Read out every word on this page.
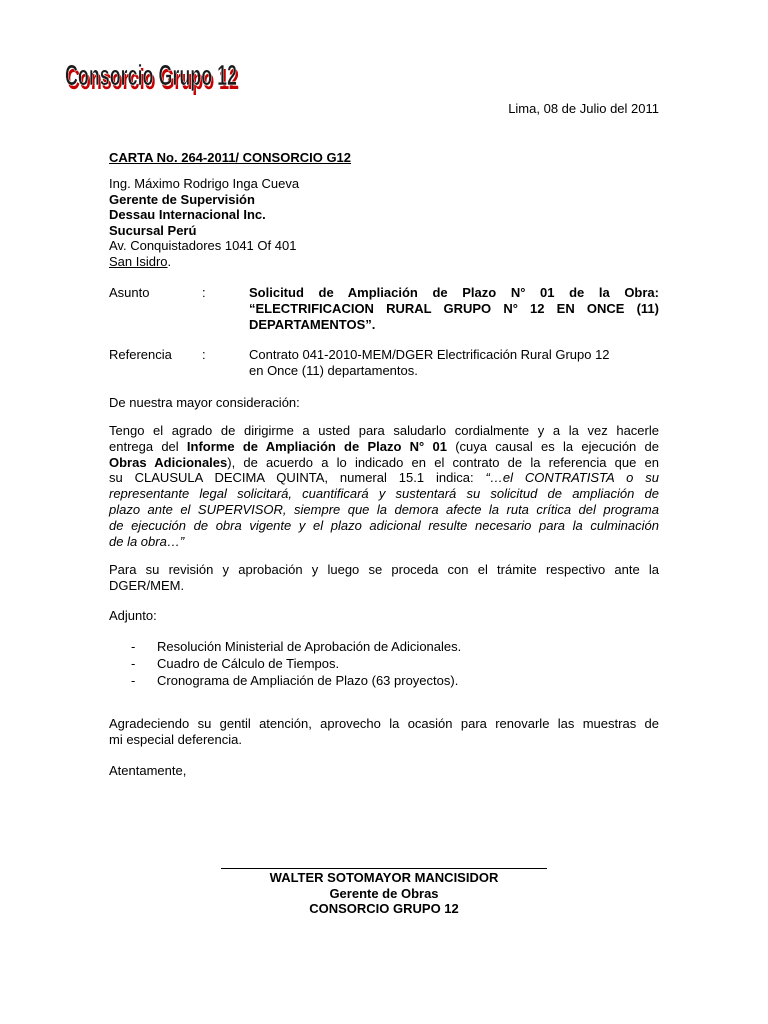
Consorcio Grupo 12
Consorcio Grupo 12
Lima, 08 de Julio del 2011
CARTA No. 264-2011/ CONSORCIO G12
Ing. Máximo Rodrigo Inga Cueva
Gerente de Supervisión
Dessau Internacional Inc.
Sucursal Perú
Av. Conquistadores 1041 Of 401
San Isidro.
Asunto	:	Solicitud de Ampliación de Plazo N° 01 de la Obra: “ELECTRIFICACION RURAL GRUPO N° 12 EN ONCE (11) DEPARTAMENTOS”.
Referencia :	Contrato 041-2010-MEM/DGER Electrificación Rural Grupo 12
en Once (11) departamentos.
De nuestra mayor consideración:
Tengo el agrado de dirigirme a usted para saludarlo cordialmente y a la vez hacerle
entrega del Informe de Ampliación de Plazo N° 01 (cuya causal es la ejecución de
Obras Adicionales), de acuerdo a lo indicado en el contrato de la referencia que en
su CLAUSULA DECIMA QUINTA, numeral 15.1 indica: “…el CONTRATISTA o su
representante legal solicitará, cuantificará y sustentará su solicitud de ampliación de
plazo ante el SUPERVISOR, siempre que la demora afecte la ruta crítica del programa
de ejecución de obra vigente y el plazo adicional resulte necesario para la culminación
de la obra…”
Para su revisión y aprobación y luego se proceda con el trámite respectivo ante la
DGER/MEM.
Adjunto:
- Resolución Ministerial de Aprobación de Adicionales.
- Cuadro de Cálculo de Tiempos.
- Cronograma de Ampliación de Plazo (63 proyectos).
Agradeciendo su gentil atención, aprovecho la ocasión para renovarle las muestras de
mi especial deferencia.
Atentamente,
WALTER SOTOMAYOR MANCISIDOR
Gerente de Obras
CONSORCIO GRUPO 12
